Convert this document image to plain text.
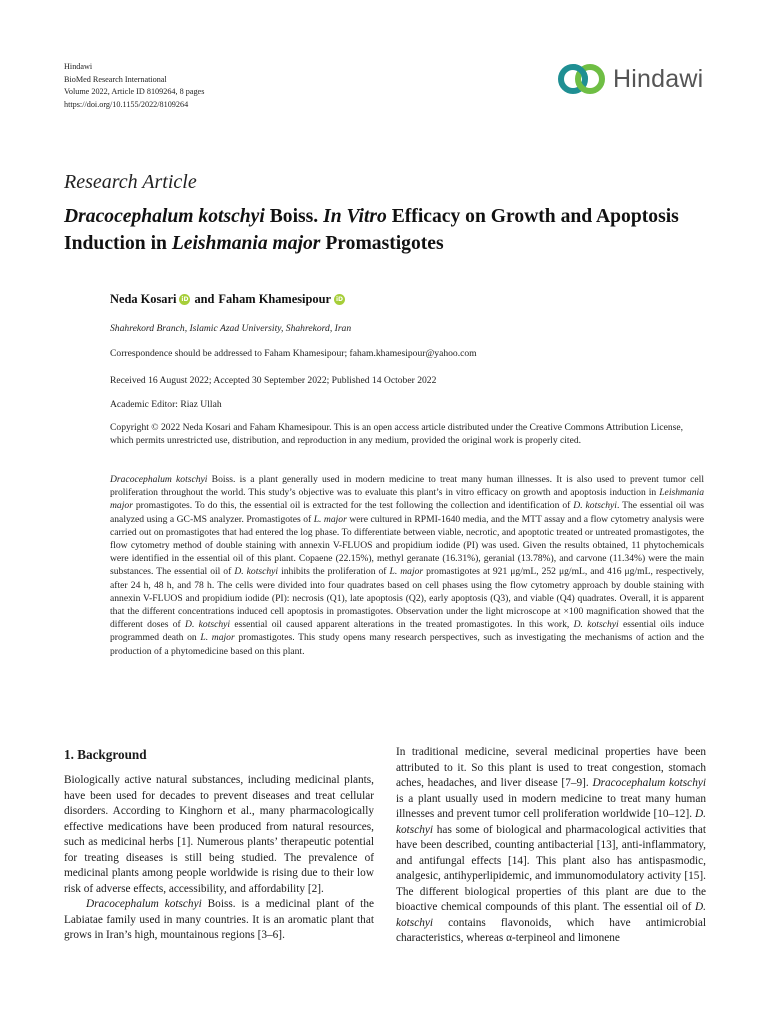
Hindawi
BioMed Research International
Volume 2022, Article ID 8109264, 8 pages
https://doi.org/10.1155/2022/8109264
Hindawi
Research Article
Dracocephalum kotschyi Boiss. In Vitro Efficacy on Growth and Apoptosis Induction in Leishmania major Promastigotes
Neda Kosari iD and Faham Khamesipour iD
Shahrekord Branch, Islamic Azad University, Shahrekord, Iran
Correspondence should be addressed to Faham Khamesipour; faham.khamesipour@yahoo.com
Received 16 August 2022; Accepted 30 September 2022; Published 14 October 2022
Academic Editor: Riaz Ullah
Copyright © 2022 Neda Kosari and Faham Khamesipour. This is an open access article distributed under the Creative Commons Attribution License, which permits unrestricted use, distribution, and reproduction in any medium, provided the original work is properly cited.
Dracocephalum kotschyi Boiss. is a plant generally used in modern medicine to treat many human illnesses. It is also used to prevent tumor cell proliferation throughout the world. This study’s objective was to evaluate this plant’s in vitro efficacy on growth and apoptosis induction in Leishmania major promastigotes. To do this, the essential oil is extracted for the test following the collection and identification of D. kotschyi. The essential oil was analyzed using a GC-MS analyzer. Promastigotes of L. major were cultured in RPMI-1640 media, and the MTT assay and a flow cytometry analysis were carried out on promastigotes that had entered the log phase. To differentiate between viable, necrotic, and apoptotic treated or untreated promastigotes, the flow cytometry method of double staining with annexin V-FLUOS and propidium iodide (PI) was used. Given the results obtained, 11 phytochemicals were identified in the essential oil of this plant. Copaene (22.15%), methyl geranate (16.31%), geranial (13.78%), and carvone (11.34%) were the main substances. The essential oil of D. kotschyi inhibits the proliferation of L. major promastigotes at 921 μg/mL, 252 μg/mL, and 416 μg/mL, respectively, after 24 h, 48 h, and 78 h. The cells were divided into four quadrates based on cell phases using the flow cytometry approach by double staining with annexin V-FLUOS and propidium iodide (PI): necrosis (Q1), late apoptosis (Q2), early apoptosis (Q3), and viable (Q4) quadrates. Overall, it is apparent that the different concentrations induced cell apoptosis in promastigotes. Observation under the light microscope at ×100 magnification showed that the different doses of D. kotschyi essential oil caused apparent alterations in the treated promastigotes. In this work, D. kotschyi essential oils induce programmed death on L. major promastigotes. This study opens many research perspectives, such as investigating the mechanisms of action and the production of a phytomedicine based on this plant.
1. Background

Biologically active natural substances, including medicinal plants, have been used for decades to prevent diseases and treat cellular disorders. According to Kinghorn et al., many pharmacologically effective medications have been produced from natural resources, such as medicinal herbs [1]. Numerous plants’ therapeutic potential for treating diseases is still being studied. The prevalence of medicinal plants among people worldwide is rising due to their low risk of adverse effects, accessibility, and affordability [2].

Dracocephalum kotschyi Boiss. is a medicinal plant of the Labiatae family used in many countries. It is an aromatic plant that grows in Iran’s high, mountainous regions [3–6].

In traditional medicine, several medicinal properties have been attributed to it. So this plant is used to treat congestion, stomach aches, headaches, and liver disease [7–9]. Dracocephalum kotschyi is a plant usually used in modern medicine to treat many human illnesses and prevent tumor cell proliferation worldwide [10–12]. D. kotschyi has some of biological and pharmacological activities that have been described, counting antibacterial [13], anti-inflammatory, and antifungal effects [14]. This plant also has antispasmodic, analgesic, antihyperlipidemic, and immunomodulatory activity [15]. The different biological properties of this plant are due to the bioactive chemical compounds of this plant. The essential oil of D. kotschyi contains flavonoids, which have antimicrobial characteristics, whereas α-terpineol and limonene
